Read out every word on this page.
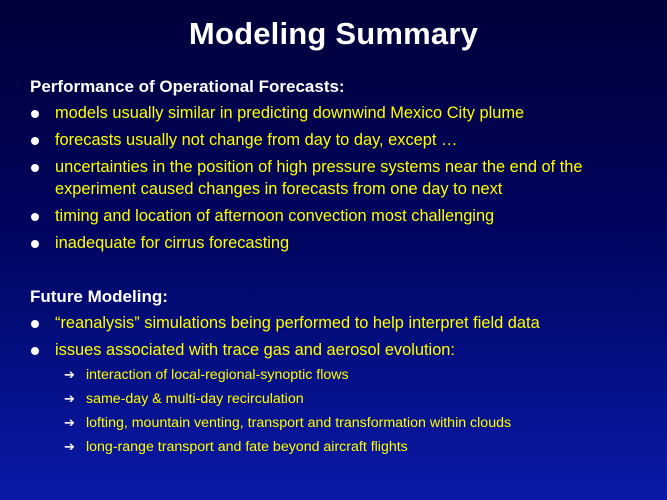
Modeling Summary
Performance of Operational Forecasts:
models usually similar in predicting downwind Mexico City plume
forecasts usually not change from day to day, except …
uncertainties in the position of high pressure systems near the end of the experiment caused changes in forecasts from one day to next
timing and location of afternoon convection most challenging
inadequate for cirrus forecasting
Future Modeling:
“reanalysis” simulations being performed to help interpret field data
issues associated with trace gas and aerosol evolution:
➔ interaction of local-regional-synoptic flows
➔ same-day & multi-day recirculation
➔ lofting, mountain venting, transport and transformation within clouds
➔ long-range transport and fate beyond aircraft flights
